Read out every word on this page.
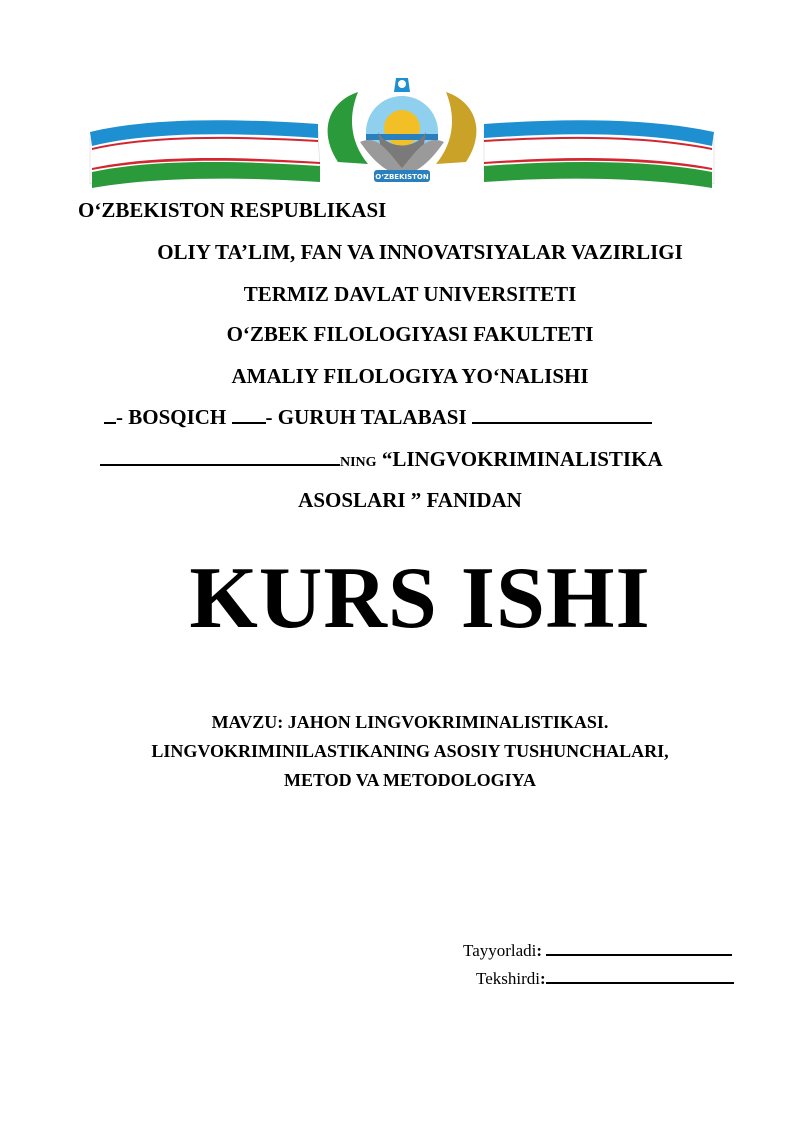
O‘ZBEKISTON
O‘ZBEKISTON RESPUBLIKASI
OLIY TA’LIM, FAN VA INNOVATSIYALAR VAZIRLIGI
TERMIZ DAVLAT UNIVERSITETI
O‘ZBEK FILOLOGIYASI FAKULTETI
AMALIY FILOLOGIYA YO‘NALISHI
- BOSQICH - GURUH TALABASI
NING “LINGVOKRIMINALISTIKA
ASOSLARI ” FANIDAN
KURS ISHI
MAVZU: JAHON LINGVOKRIMINALISTIKASI.
LINGVOKRIMINILASTIKANING ASOSIY TUSHUNCHALARI,
METOD VA METODOLOGIYA
Tayyorladi:
Tekshirdi:
